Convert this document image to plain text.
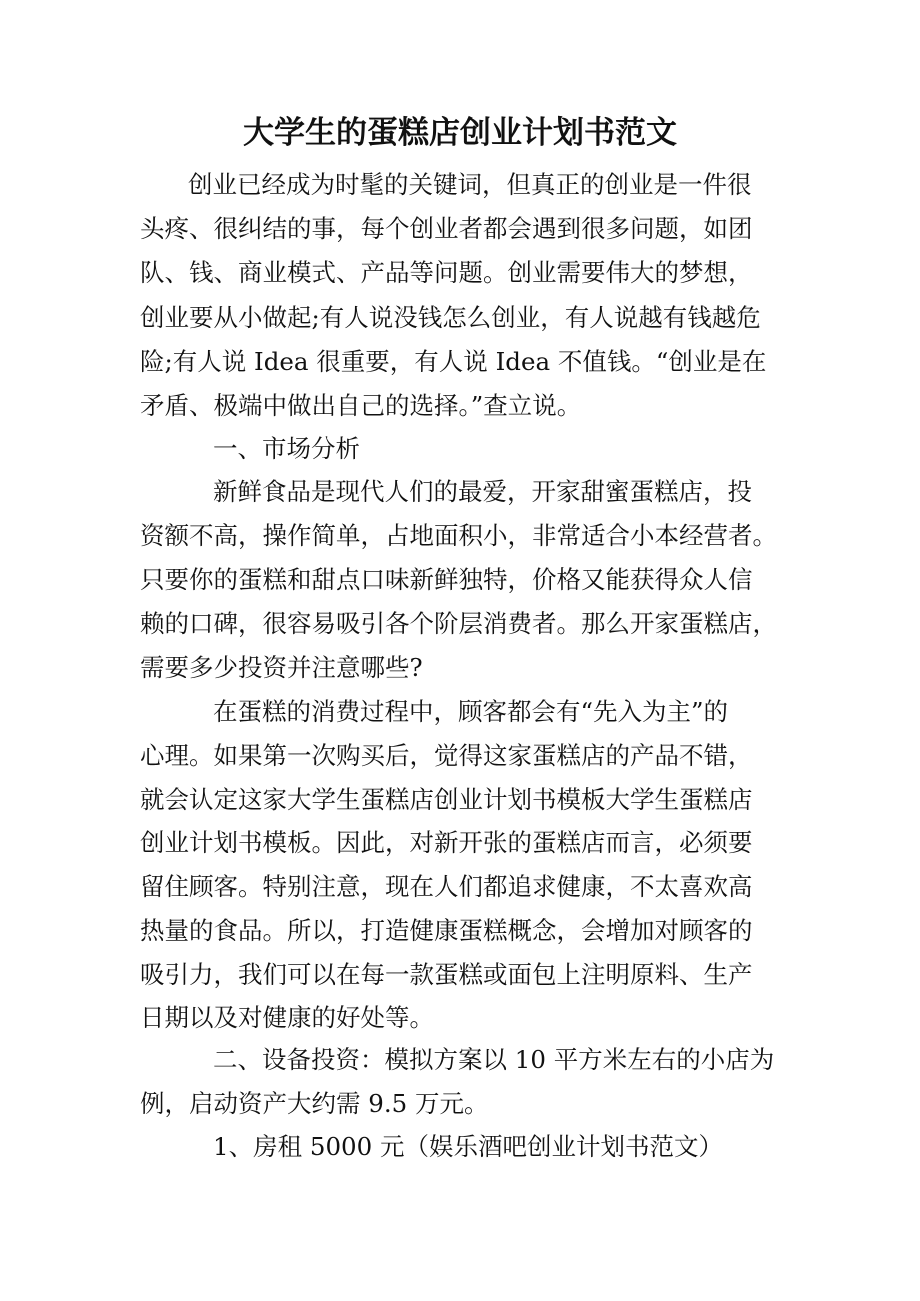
大学生的蛋糕店创业计划书范文
创业已经成为时髦的关键词，但真正的创业是一件很
头疼、很纠结的事，每个创业者都会遇到很多问题，如团
队、钱、商业模式、产品等问题。创业需要伟大的梦想，
创业要从小做起;有人说没钱怎么创业，有人说越有钱越危
险;有人说 Idea 很重要，有人说 Idea 不值钱。“创业是在
矛盾、极端中做出自己的选择。”查立说。
一、市场分析
新鲜食品是现代人们的最爱，开家甜蜜蛋糕店，投
资额不高，操作简单，占地面积小，非常适合小本经营者。
只要你的蛋糕和甜点口味新鲜独特，价格又能获得众人信
赖的口碑，很容易吸引各个阶层消费者。那么开家蛋糕店，
需要多少投资并注意哪些?
在蛋糕的消费过程中，顾客都会有“先入为主”的
心理。如果第一次购买后，觉得这家蛋糕店的产品不错，
就会认定这家大学生蛋糕店创业计划书模板大学生蛋糕店
创业计划书模板。因此，对新开张的蛋糕店而言，必须要
留住顾客。特别注意，现在人们都追求健康，不太喜欢高
热量的食品。所以，打造健康蛋糕概念，会增加对顾客的
吸引力，我们可以在每一款蛋糕或面包上注明原料、生产
日期以及对健康的好处等。
二、设备投资：模拟方案以 10 平方米左右的小店为
例，启动资产大约需 9.5 万元。
1、房租 5000 元（娱乐酒吧创业计划书范文）
